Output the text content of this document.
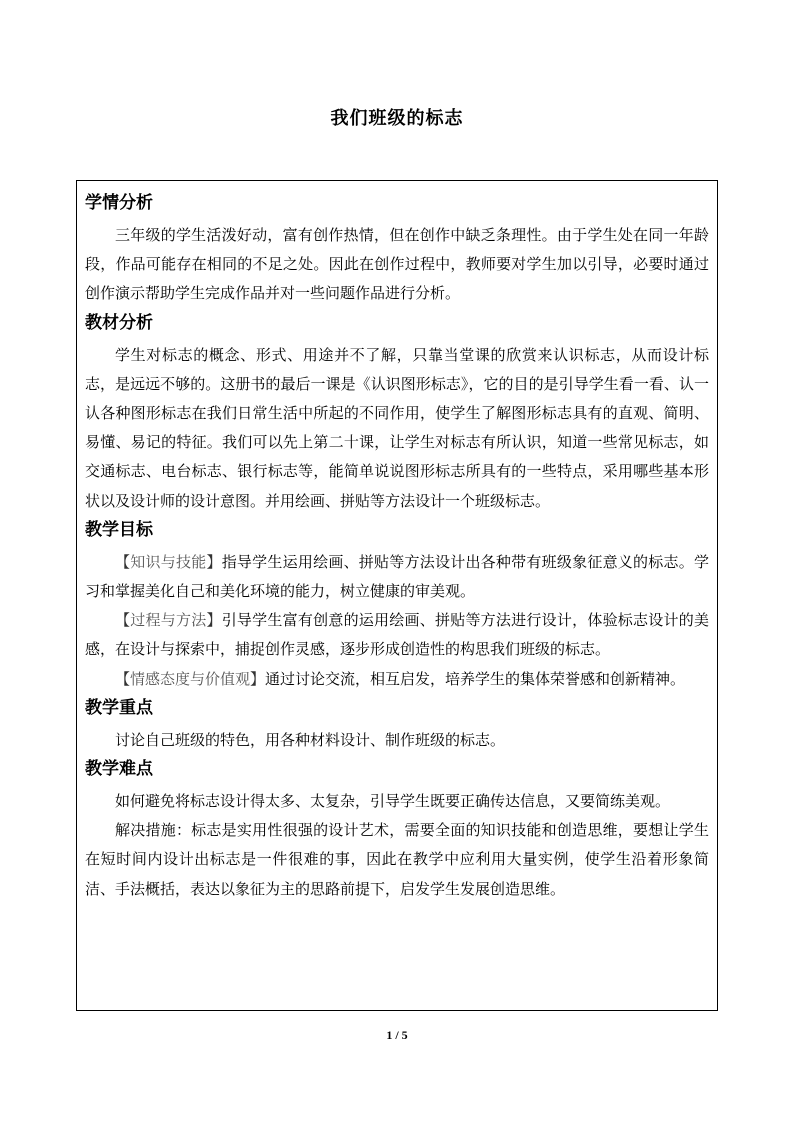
我们班级的标志

学情分析

三年级的学生活泼好动，富有创作热情，但在创作中缺乏条理性。由于学生处在同一年龄段，作品可能存在相同的不足之处。因此在创作过程中，教师要对学生加以引导，必要时通过创作演示帮助学生完成作品并对一些问题作品进行分析。

教材分析

学生对标志的概念、形式、用途并不了解，只靠当堂课的欣赏来认识标志，从而设计标志，是远远不够的。这册书的最后一课是《认识图形标志》，它的目的是引导学生看一看、认一认各种图形标志在我们日常生活中所起的不同作用，使学生了解图形标志具有的直观、简明、易懂、易记的特征。我们可以先上第二十课，让学生对标志有所认识，知道一些常见标志，如交通标志、电台标志、银行标志等，能简单说说图形标志所具有的一些特点，采用哪些基本形状以及设计师的设计意图。并用绘画、拼贴等方法设计一个班级标志。

教学目标

【知识与技能】指导学生运用绘画、拼贴等方法设计出各种带有班级象征意义的标志。学习和掌握美化自己和美化环境的能力，树立健康的审美观。

【过程与方法】引导学生富有创意的运用绘画、拼贴等方法进行设计，体验标志设计的美感，在设计与探索中，捕捉创作灵感，逐步形成创造性的构思我们班级的标志。

【情感态度与价值观】通过讨论交流，相互启发，培养学生的集体荣誉感和创新精神。

教学重点

讨论自己班级的特色，用各种材料设计、制作班级的标志。

教学难点

如何避免将标志设计得太多、太复杂，引导学生既要正确传达信息，又要简练美观。

解决措施：标志是实用性很强的设计艺术，需要全面的知识技能和创造思维，要想让学生在短时间内设计出标志是一件很难的事，因此在教学中应利用大量实例，使学生沿着形象简洁、手法概括，表达以象征为主的思路前提下，启发学生发展创造思维。

1 / 5
